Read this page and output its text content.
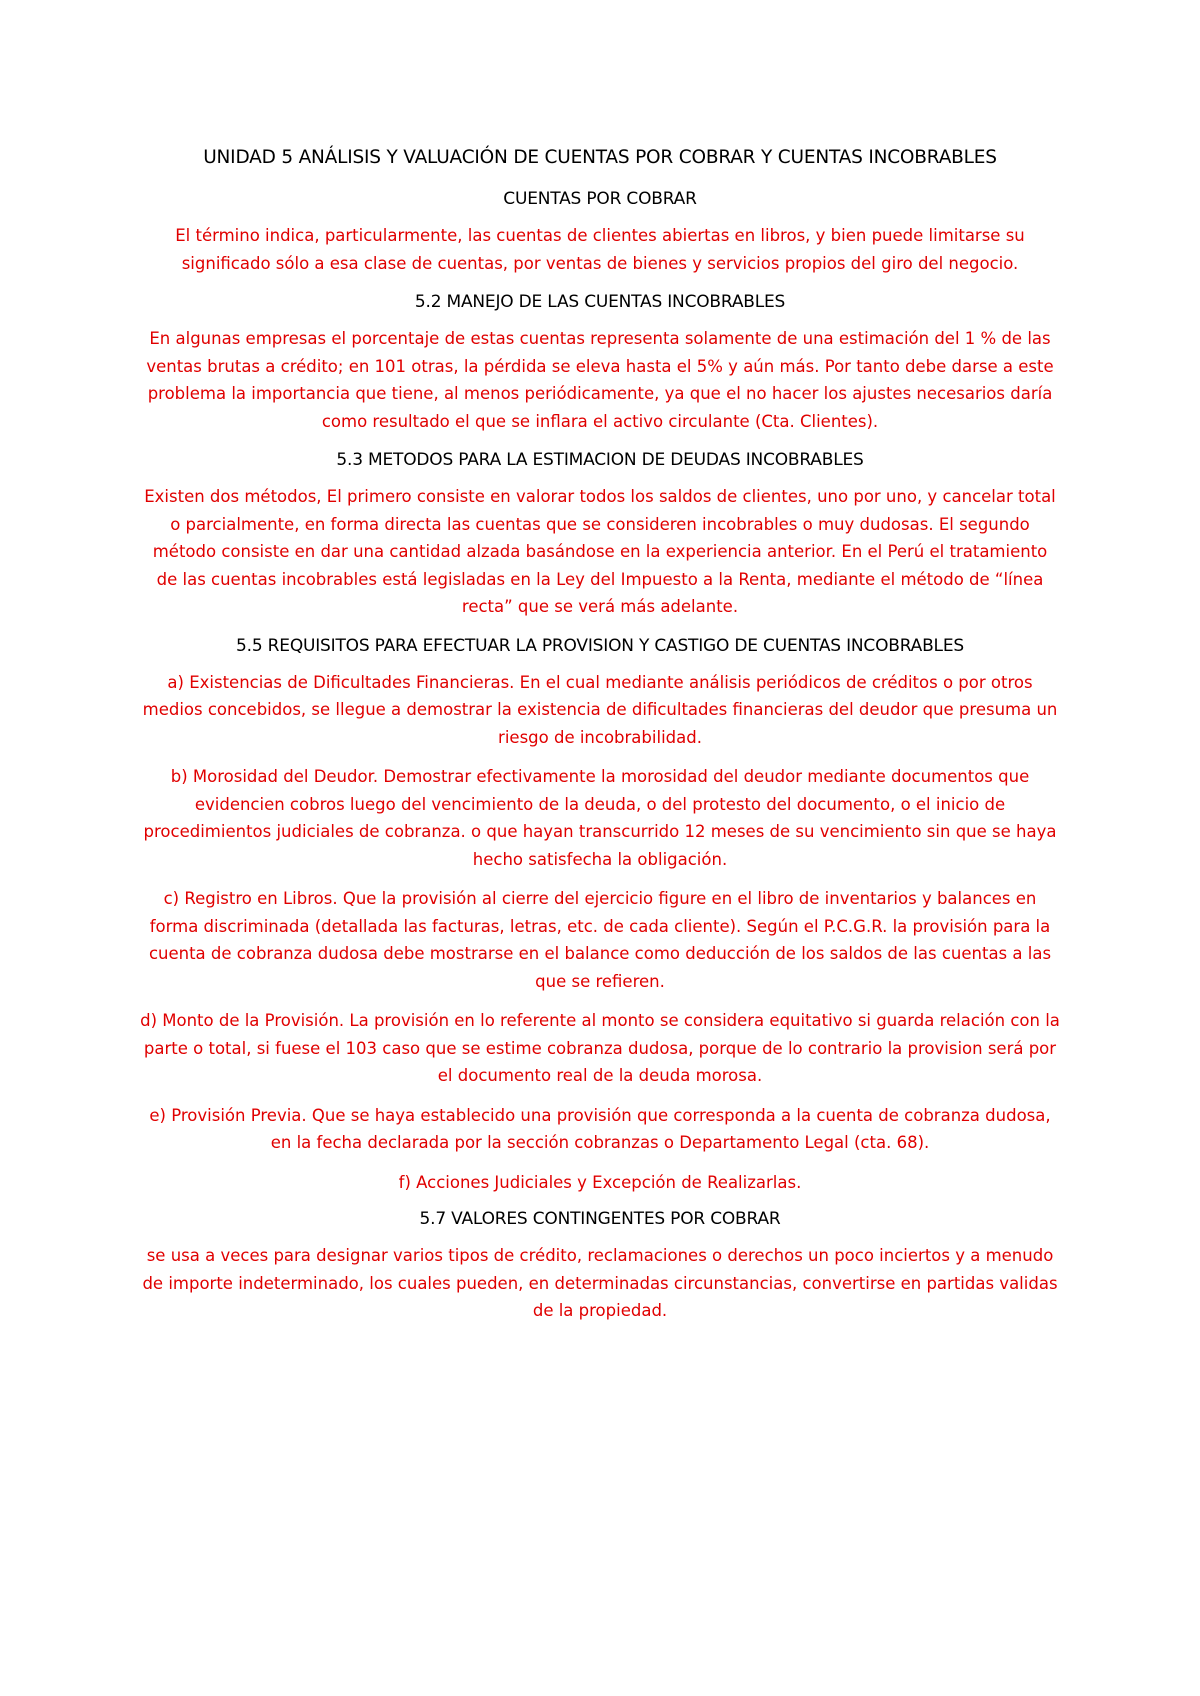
UNIDAD 5 ANÁLISIS Y VALUACIÓN DE CUENTAS POR COBRAR Y CUENTAS INCOBRABLES
CUENTAS POR COBRAR

El término indica, particularmente, las cuentas de clientes abiertas en libros, y bien puede limitarse su significado sólo a esa clase de cuentas, por ventas de bienes y servicios propios del giro del negocio.

5.2 MANEJO DE LAS CUENTAS INCOBRABLES

En algunas empresas el porcentaje de estas cuentas representa solamente de una estimación del 1 % de las ventas brutas a crédito; en 101 otras, la pérdida se eleva hasta el 5% y aún más. Por tanto debe darse a este problema la importancia que tiene, al menos periódicamente, ya que el no hacer los ajustes necesarios daría como resultado el que se inflara el activo circulante (Cta. Clientes).

5.3 METODOS PARA LA ESTIMACION DE DEUDAS INCOBRABLES

Existen dos métodos, El primero consiste en valorar todos los saldos de clientes, uno por uno, y cancelar total o parcialmente, en forma directa las cuentas que se consideren incobrables o muy dudosas. El segundo método consiste en dar una cantidad alzada basándose en la experiencia anterior. En el Perú el tratamiento de las cuentas incobrables está legisladas en la Ley del Impuesto a la Renta, mediante el método de “línea recta” que se verá más adelante.

5.5 REQUISITOS PARA EFECTUAR LA PROVISION Y CASTIGO DE CUENTAS INCOBRABLES

a) Existencias de Dificultades Financieras. En el cual mediante análisis periódicos de créditos o por otros medios concebidos, se llegue a demostrar la existencia de dificultades financieras del deudor que presuma un riesgo de incobrabilidad.

b) Morosidad del Deudor. Demostrar efectivamente la morosidad del deudor mediante documentos que evidencien cobros luego del vencimiento de la deuda, o del protesto del documento, o el inicio de procedimientos judiciales de cobranza. o que hayan transcurrido 12 meses de su vencimiento sin que se haya hecho satisfecha la obligación.

c) Registro en Libros. Que la provisión al cierre del ejercicio figure en el libro de inventarios y balances en forma discriminada (detallada las facturas, letras, etc. de cada cliente). Según el P.C.G.R. la provisión para la cuenta de cobranza dudosa debe mostrarse en el balance como deducción de los saldos de las cuentas a las que se refieren.

d) Monto de la Provisión. La provisión en lo referente al monto se considera equitativo si guarda relación con la parte o total, si fuese el 103 caso que se estime cobranza dudosa, porque de lo contrario la provision será por el documento real de la deuda morosa.

e) Provisión Previa. Que se haya establecido una provisión que corresponda a la cuenta de cobranza dudosa, en la fecha declarada por la sección cobranzas o Departamento Legal (cta. 68).

f) Acciones Judiciales y Excepción de Realizarlas.

5.7 VALORES CONTINGENTES POR COBRAR

se usa a veces para designar varios tipos de crédito, reclamaciones o derechos un poco inciertos y a menudo de importe indeterminado, los cuales pueden, en determinadas circunstancias, convertirse en partidas validas de la propiedad.
